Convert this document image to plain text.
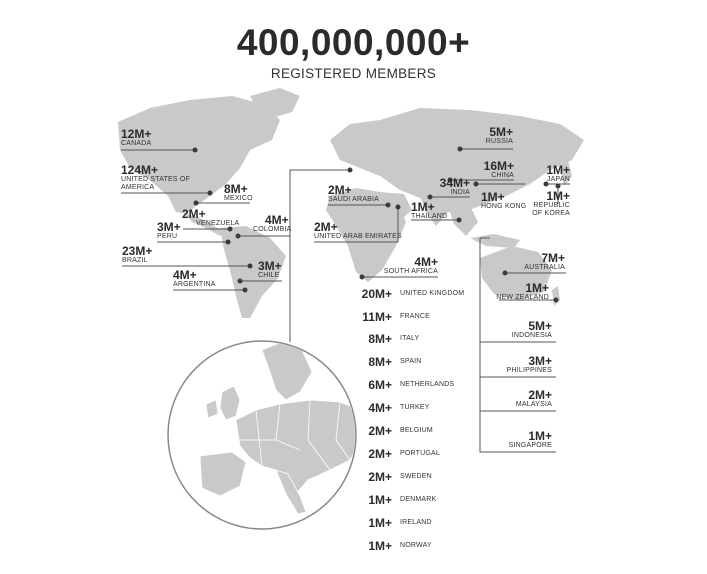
400,000,000+
REGISTERED MEMBERS
12M+
CANADA
124M+
UNITED STATES OF AMERICA	8M+
MEXICO
2M+
VENEZUELA 4M+
COLOMBIA
3M+
PERU
23M+
BRAZIL	3M+
CHILE
4M+
ARGENTINA
2M+
SAUDI ARABIA
2M+
UNITED ARAB EMIRATES
4M+
SOUTH AFRICA
5M+
RUSSIA
16M+
CHINA
34M+
INDIA 1M+
HONG KONG
1M+
THAILAND
1M+
JAPAN
1M+
REPUBLIC OF KOREA
7M+
AUSTRALIA
1M+
NEW ZEALAND
5M+
INDONESIA
3M+
PHILIPPINES
2M+
MALAYSIA
1M+
SINGAPORE
20M+ UNITED KINGDOM
11M+ FRANCE
8M+ ITALY
8M+ SPAIN
6M+ NETHERLANDS
4M+ TURKEY
2M+ BELGIUM
2M+ PORTUGAL
2M+ SWEDEN
1M+ DENMARK
1M+ IRELAND
1M+ NORWAY
